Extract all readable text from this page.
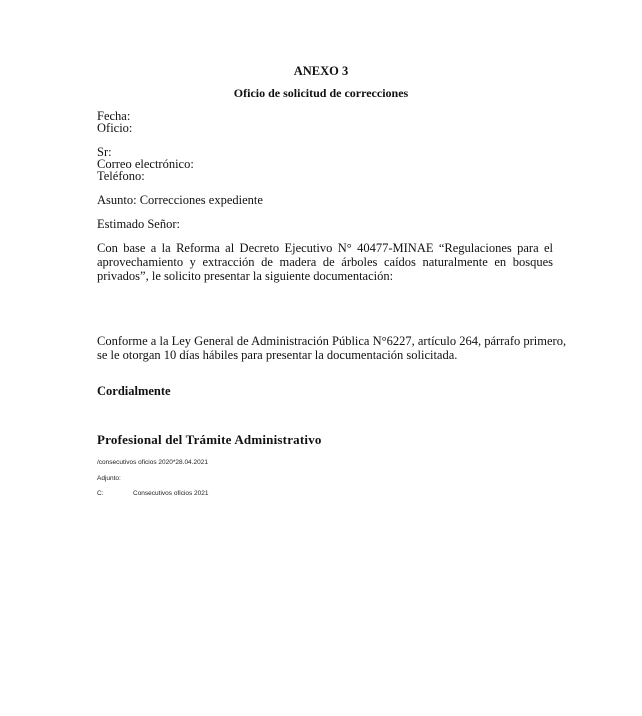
ANEXO 3
Oficio de solicitud de correcciones
Fecha:
Oficio:
Sr:
Correo electrónico:
Teléfono:
Asunto: Correcciones expediente
Estimado Señor:
Con base a la Reforma al Decreto Ejecutivo N° 40477-MINAE “Regulaciones para el
aprovechamiento y extracción de madera de árboles caídos naturalmente en bosques
privados”, le solicito presentar la siguiente documentación:
Conforme a la Ley General de Administración Pública N°6227, artículo 264, párrafo primero,
se le otorgan 10 días hábiles para presentar la documentación solicitada.
Cordialmente
Profesional del Trámite Administrativo
/consecutivos oficios 2020*28.04.2021
Adjunto:
C:	Consecutivos oficios 2021
